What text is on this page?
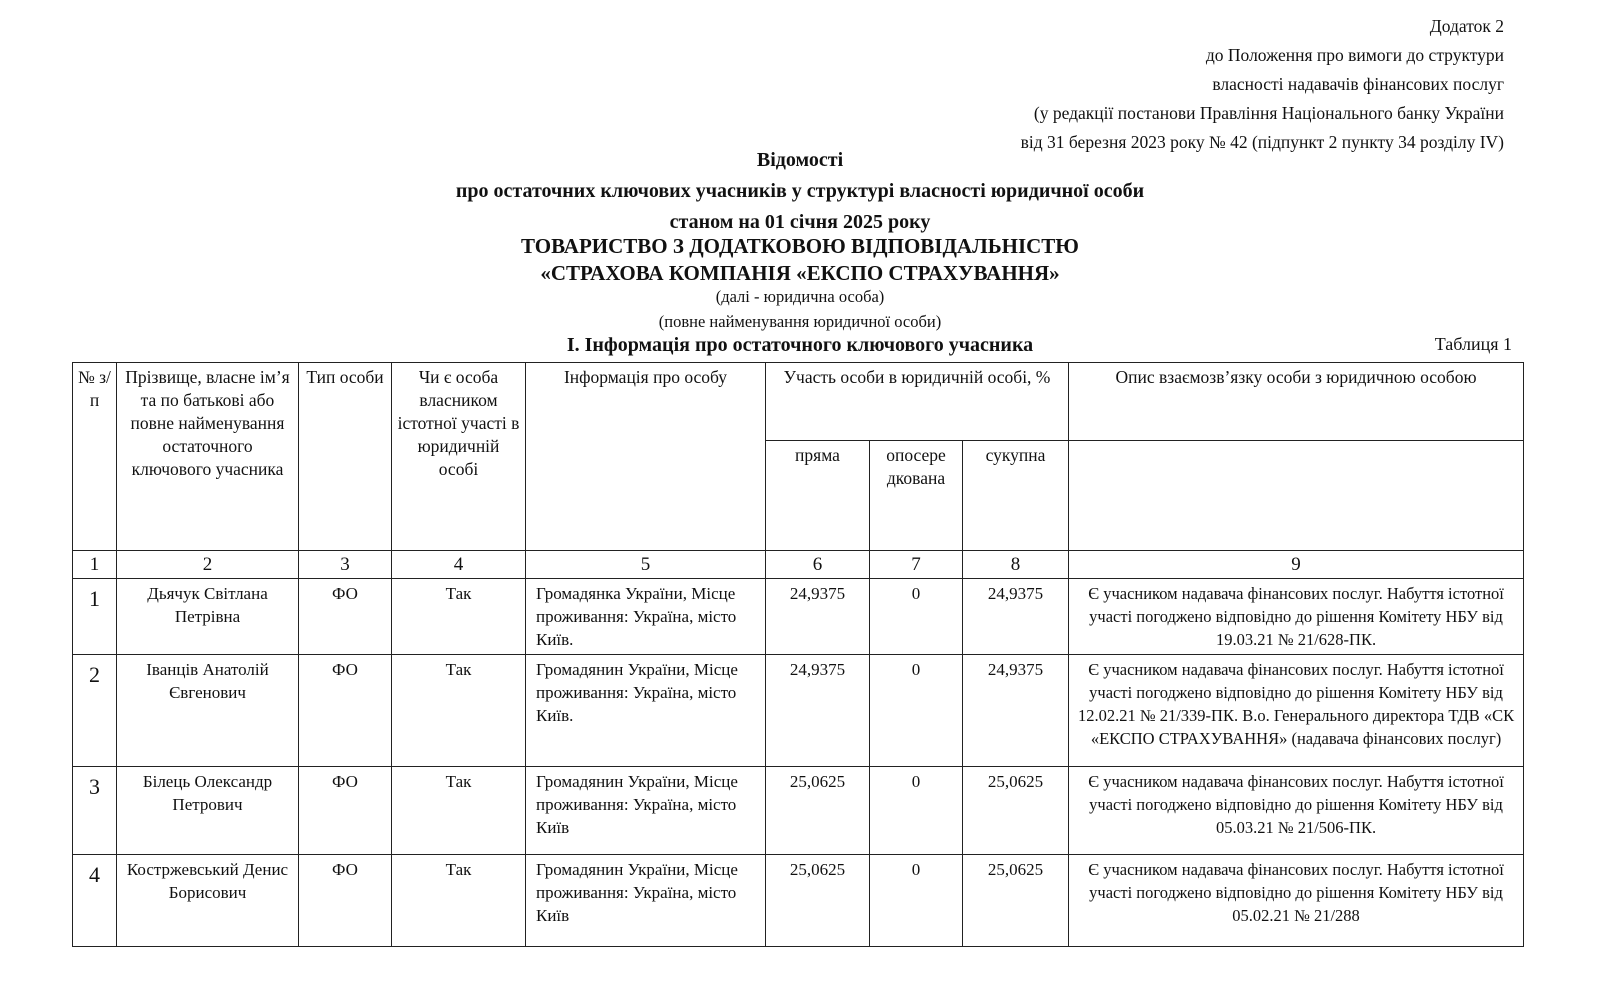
Додаток 2
до Положення про вимоги до структури
власності надавачів фінансових послуг
(у редакції постанови Правління Національного банку України
від 31 березня 2023 року № 42 (підпункт 2 пункту 34 розділу IV)
Відомості
про остаточних ключових учасників у структурі власності юридичної особи
станом на 01 січня 2025 року
ТОВАРИСТВО З ДОДАТКОВОЮ ВІДПОВІДАЛЬНІСТЮ
«СТРАХОВА КОМПАНІЯ «ЕКСПО СТРАХУВАННЯ»
(далі - юридична особа)
(повне найменування юридичної особи)
І. Інформація про остаточного ключового учасника	Таблиця 1
№ з/п	Прізвище, власне ім’я та по батькові або повне найменування остаточного ключового учасника	Тип особи	Чи є особа власником істотної участі в юридичній особі	Інформація про особу	Участь особи в юридичній особі, %			Опис взаємозв’язку особи з юридичною особою
					пряма	опосере дкована	сукупна	
1	2	3	4	5	6	7	8	9
1	Дьячук Світлана Петрівна	ФО	Так	Громадянка України, Місце проживання: Україна, місто Київ.	24,9375	0	24,9375	Є учасником надавача фінансових послуг. Набуття істотної участі погоджено відповідно до рішення Комітету НБУ від 19.03.21 № 21/628-ПК.
2	Іванців Анатолій Євгенович	ФО	Так	Громадянин України, Місце проживання: Україна, місто Київ.	24,9375	0	24,9375	Є учасником надавача фінансових послуг. Набуття істотної участі погоджено відповідно до рішення Комітету НБУ від 12.02.21 № 21/339-ПК. В.о. Генерального директора ТДВ «СК «ЕКСПО СТРАХУВАННЯ» (надавача фінансових послуг)
3	Білець Олександр Петрович	ФО	Так	Громадянин України, Місце проживання: Україна, місто Київ	25,0625	0	25,0625	Є учасником надавача фінансових послуг. Набуття істотної участі погоджено відповідно до рішення Комітету НБУ від 05.03.21 № 21/506-ПК.
4	Костржевський Денис Борисович	ФО	Так	Громадянин України, Місце проживання: Україна, місто Київ	25,0625	0	25,0625	Є учасником надавача фінансових послуг. Набуття істотної участі погоджено відповідно до рішення Комітету НБУ від 05.02.21 № 21/288
